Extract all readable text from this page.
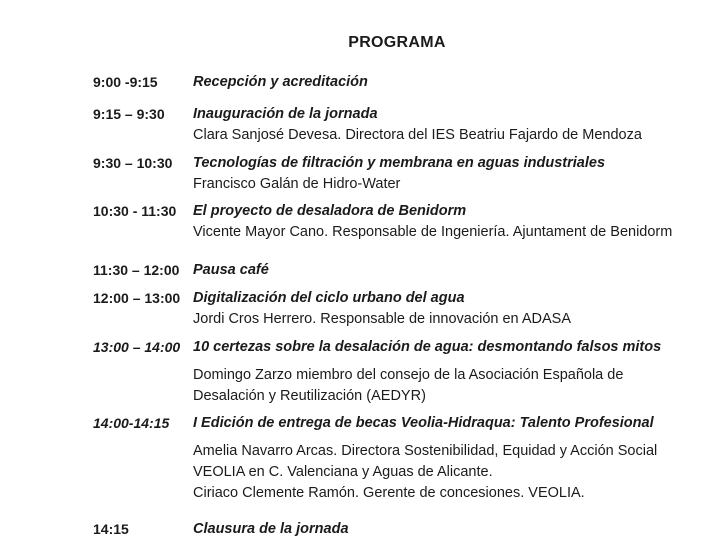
PROGRAMA
9:00 -9:15	Recepción y acreditación
9:15 – 9:30	Inauguración de la jornada
Clara Sanjosé Devesa. Directora del IES Beatriu Fajardo de Mendoza
9:30 – 10:30	Tecnologías de filtración y membrana en aguas industriales
Francisco Galán de Hidro-Water
10:30 - 11:30	El proyecto de desaladora de Benidorm
Vicente Mayor Cano. Responsable de Ingeniería. Ajuntament de Benidorm
11:30 – 12:00 Pausa café
12:00 – 13:00 Digitalización del ciclo urbano del agua
Jordi Cros Herrero. Responsable de innovación en ADASA
13:00 – 14:00 10 certezas sobre la desalación de agua: desmontando falsos mitos
Domingo Zarzo miembro del consejo de la Asociación Española de
Desalación y Reutilización (AEDYR)
14:00-14:15	I Edición de entrega de becas Veolia-Hidraqua: Talento Profesional
Amelia Navarro Arcas. Directora Sostenibilidad, Equidad y Acción Social
VEOLIA en C. Valenciana y Aguas de Alicante.
Ciriaco Clemente Ramón. Gerente de concesiones. VEOLIA.
14:15	Clausura de la jornada
